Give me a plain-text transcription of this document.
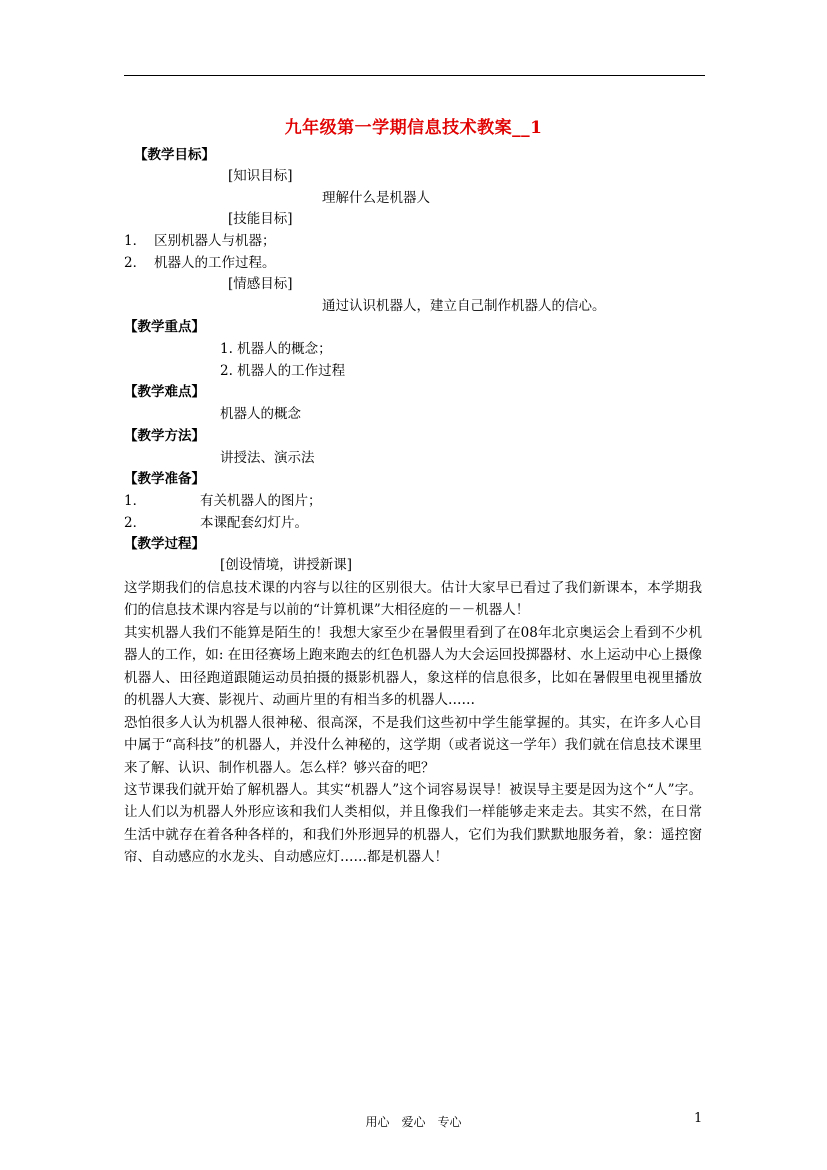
九年级第一学期信息技术教案__1
【教学目标】
[知识目标]
理解什么是机器人
[技能目标]
1． 区别机器人与机器；
2． 机器人的工作过程。
[情感目标]
通过认识机器人，建立自己制作机器人的信心。
【教学重点】
1. 机器人的概念；
2. 机器人的工作过程
【教学难点】
机器人的概念
【教学方法】
讲授法、演示法
【教学准备】
1．	有关机器人的图片；
2．	本课配套幻灯片。
【教学过程】
[创设情境，讲授新课]
这学期我们的信息技术课的内容与以往的区别很大。估计大家早已看过了我们新课本，本学期我们的信息技术课内容是与以前的“计算机课”大相径庭的－－机器人！
其实机器人我们不能算是陌生的！我想大家至少在暑假里看到了在08年北京奥运会上看到不少机器人的工作，如: 在田径赛场上跑来跑去的红色机器人为大会运回投掷器材、水上运动中心上摄像机器人、田径跑道跟随运动员拍摄的摄影机器人，象这样的信息很多，比如在暑假里电视里播放的机器人大赛、影视片、动画片里的有相当多的机器人……
恐怕很多人认为机器人很神秘、很高深，不是我们这些初中学生能掌握的。其实，在许多人心目中属于“高科技”的机器人，并没什么神秘的，这学期（或者说这一学年）我们就在信息技术课里来了解、认识、制作机器人。怎么样？够兴奋的吧？
这节课我们就开始了解机器人。其实“机器人”这个词容易误导！被误导主要是因为这个“人”字。让人们以为机器人外形应该和我们人类相似，并且像我们一样能够走来走去。其实不然，在日常生活中就存在着各种各样的，和我们外形迥异的机器人，它们为我们默默地服务着，象：遥控窗帘、自动感应的水龙头、自动感应灯……都是机器人！
用心　爱心　专心	1
